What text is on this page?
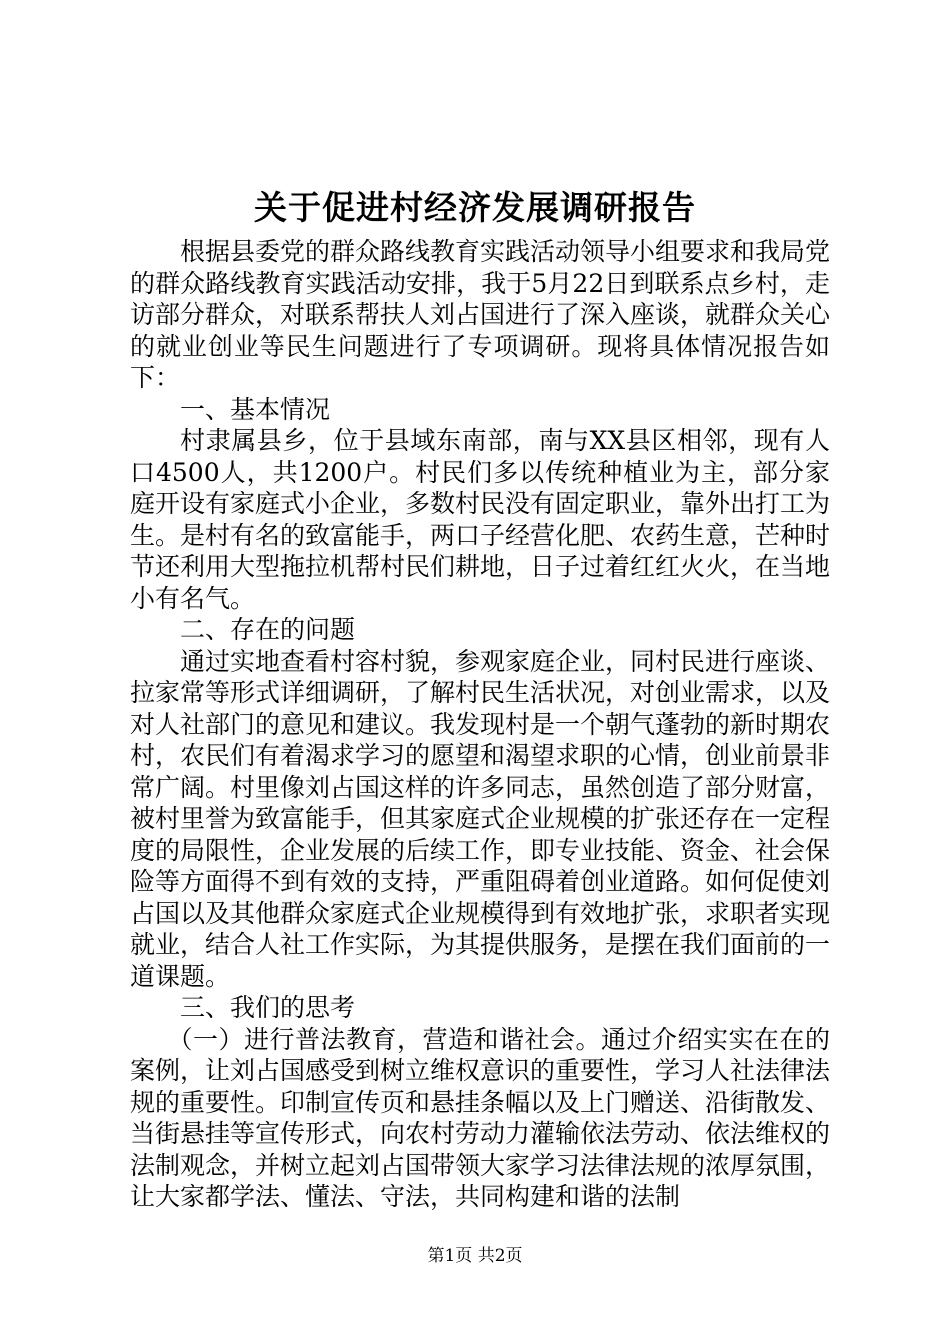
关于促进村经济发展调研报告

根据县委党的群众路线教育实践活动领导小组要求和我局党的群众路线教育实践活动安排，我于5月22日到联系点乡村，走访部分群众，对联系帮扶人刘占国进行了深入座谈，就群众关心的就业创业等民生问题进行了专项调研。现将具体情况报告如下：

一、基本情况

村隶属县乡，位于县域东南部，南与XX县区相邻，现有人口4500人，共1200户。村民们多以传统种植业为主，部分家庭开设有家庭式小企业，多数村民没有固定职业，靠外出打工为生。是村有名的致富能手，两口子经营化肥、农药生意，芒种时节还利用大型拖拉机帮村民们耕地，日子过着红红火火，在当地小有名气。

二、存在的问题

通过实地查看村容村貌，参观家庭企业，同村民进行座谈、拉家常等形式详细调研，了解村民生活状况，对创业需求，以及对人社部门的意见和建议。我发现村是一个朝气蓬勃的新时期农村，农民们有着渴求学习的愿望和渴望求职的心情，创业前景非常广阔。村里像刘占国这样的许多同志，虽然创造了部分财富，被村里誉为致富能手，但其家庭式企业规模的扩张还存在一定程度的局限性，企业发展的后续工作，即专业技能、资金、社会保险等方面得不到有效的支持，严重阻碍着创业道路。如何促使刘占国以及其他群众家庭式企业规模得到有效地扩张，求职者实现就业，结合人社工作实际，为其提供服务，是摆在我们面前的一道课题。

三、我们的思考

（一）进行普法教育，营造和谐社会。通过介绍实实在在的案例，让刘占国感受到树立维权意识的重要性，学习人社法律法规的重要性。印制宣传页和悬挂条幅以及上门赠送、沿街散发、当街悬挂等宣传形式，向农村劳动力灌输依法劳动、依法维权的法制观念，并树立起刘占国带领大家学习法律法规的浓厚氛围，让大家都学法、懂法、守法，共同构建和谐的法制

第1页 共2页
